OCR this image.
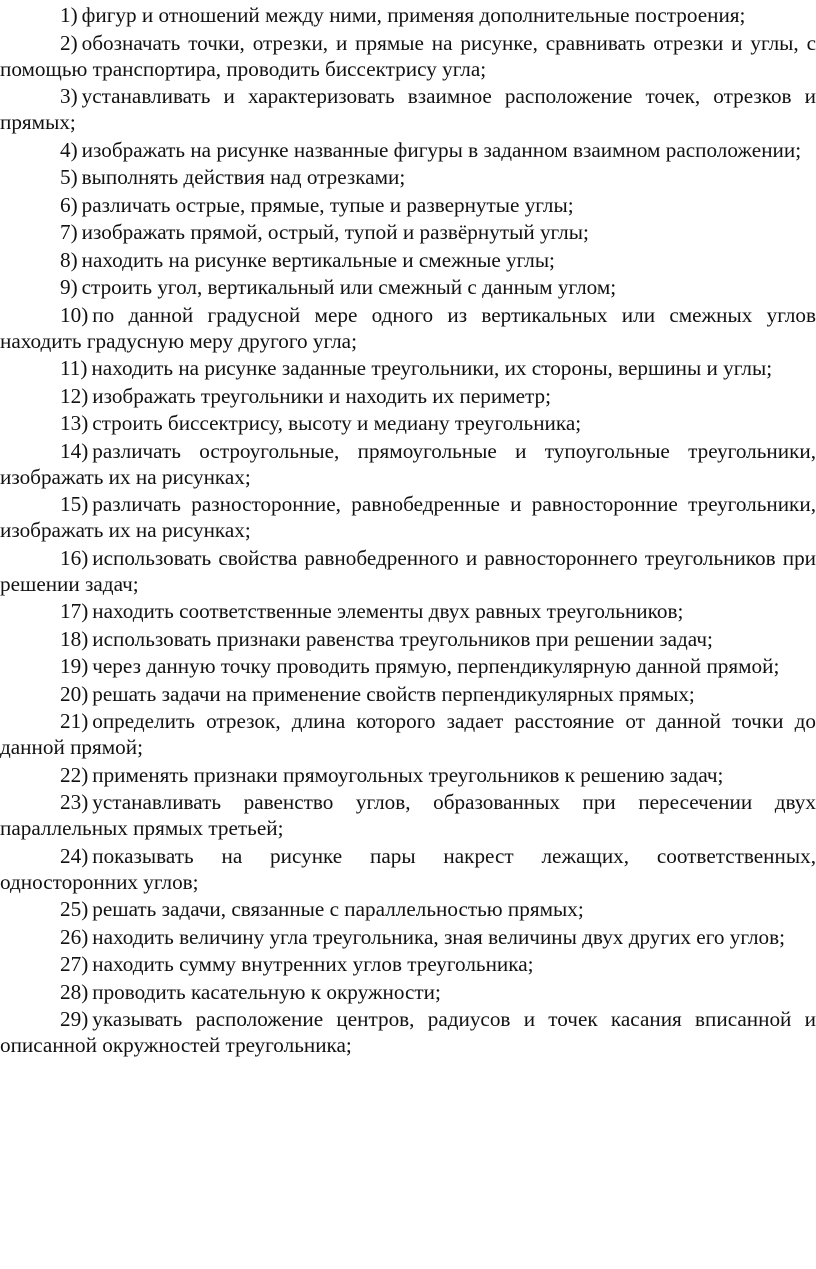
1) фигур и отношений между ними, применяя дополнительные построения;

2) обозначать точки, отрезки, и прямые на рисунке, сравнивать отрезки и углы, с помощью транспортира, проводить биссектрису угла;

3) устанавливать и характеризовать взаимное расположение точек, отрезков и прямых;

4) изображать на рисунке названные фигуры в заданном взаимном расположении;

5) выполнять действия над отрезками;

6) различать острые, прямые, тупые и развернутые углы;

7) изображать прямой, острый, тупой и развёрнутый углы;

8) находить на рисунке вертикальные и смежные углы;

9) строить угол, вертикальный или смежный с данным углом;

10) по данной градусной мере одного из вертикальных или смежных углов находить градусную меру другого угла;

11) находить на рисунке заданные треугольники, их стороны, вершины и углы;

12) изображать треугольники и находить их периметр;

13) строить биссектрису, высоту и медиану треугольника;

14) различать остроугольные, прямоугольные и тупоугольные треугольники, изображать их на рисунках;

15) различать разносторонние, равнобедренные и равносторонние треугольники, изображать их на рисунках;

16) использовать свойства равнобедренного и равностороннего треугольников при решении задач;

17) находить соответственные элементы двух равных треугольников;

18) использовать признаки равенства треугольников при решении задач;

19) через данную точку проводить прямую, перпендикулярную данной прямой;

20) решать задачи на применение свойств перпендикулярных прямых;

21) определить отрезок, длина которого задает расстояние от данной точки до данной прямой;

22) применять признаки прямоугольных треугольников к решению задач;

23) устанавливать равенство углов, образованных при пересечении двух параллельных прямых третьей;

24) показывать на рисунке пары накрест лежащих, соответственных, односторонних углов;

25) решать задачи, связанные с параллельностью прямых;

26) находить величину угла треугольника, зная величины двух других его углов;

27) находить сумму внутренних углов треугольника;

28) проводить касательную к окружности;

29) указывать расположение центров, радиусов и точек касания вписанной и описанной окружностей треугольника;
